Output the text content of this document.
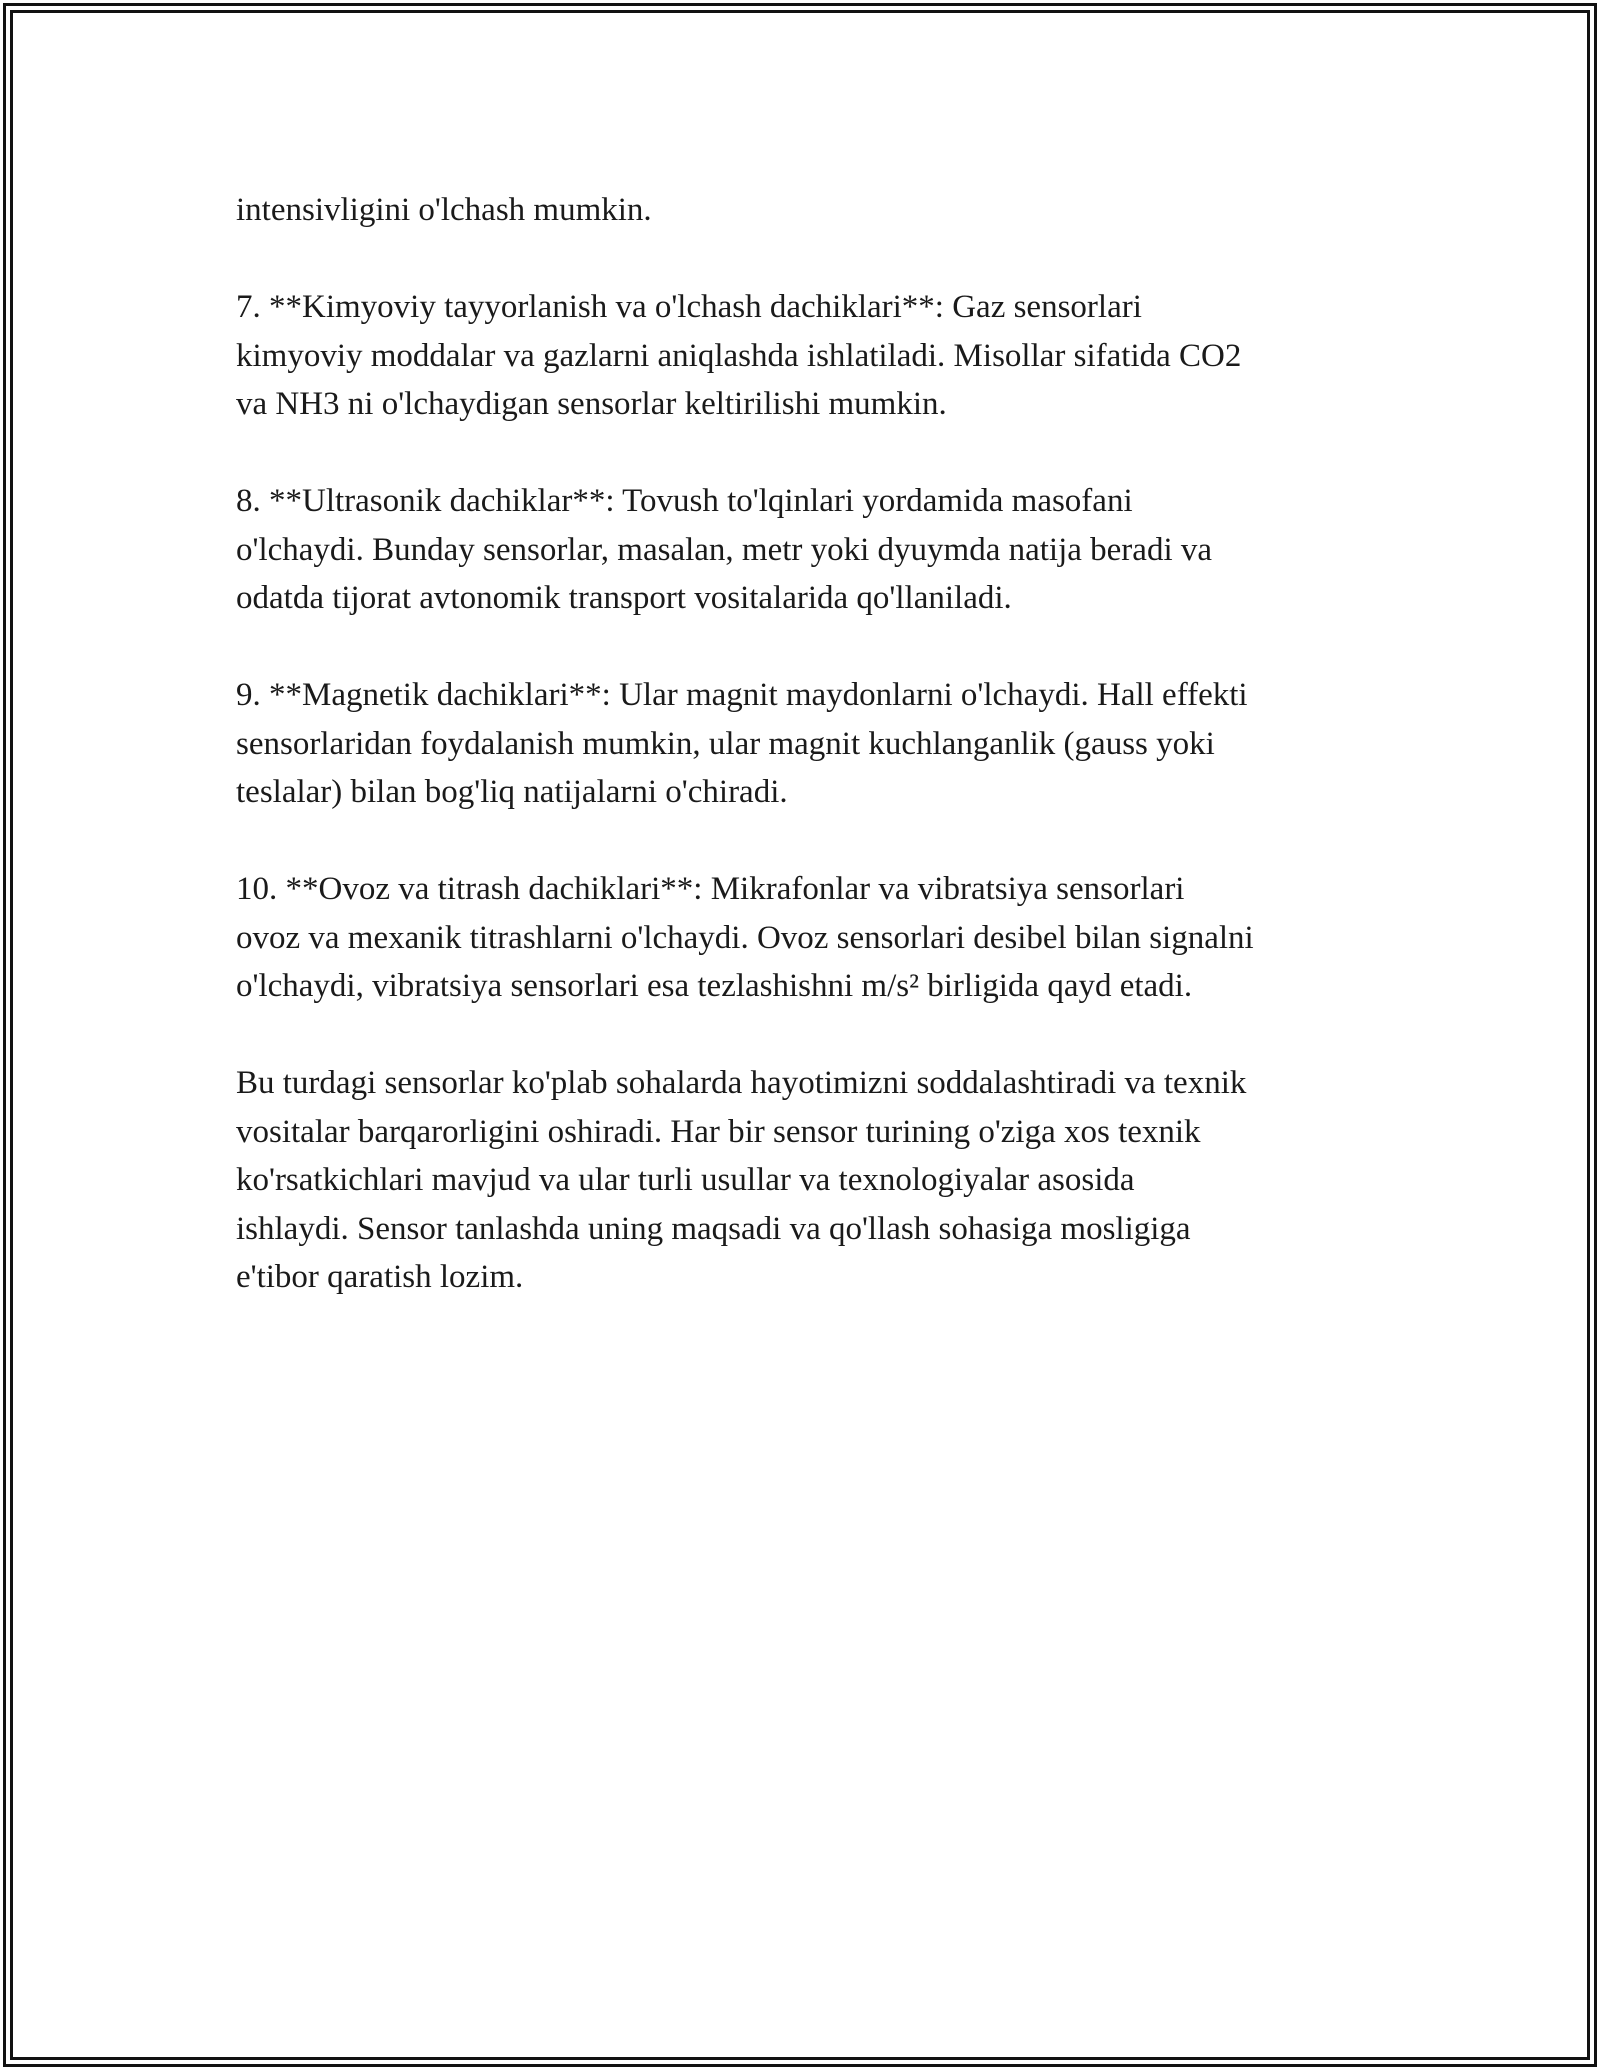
intensivligini o'lchash mumkin.

7. **Kimyoviy tayyorlanish va o'lchash dachiklari**: Gaz sensorlari
kimyoviy moddalar va gazlarni aniqlashda ishlatiladi. Misollar sifatida CO2
va NH3 ni o'lchaydigan sensorlar keltirilishi mumkin.

8. **Ultrasonik dachiklar**: Tovush to'lqinlari yordamida masofani
o'lchaydi. Bunday sensorlar, masalan, metr yoki dyuymda natija beradi va
odatda tijorat avtonomik transport vositalarida qo'llaniladi.

9. **Magnetik dachiklari**: Ular magnit maydonlarni o'lchaydi. Hall effekti
sensorlaridan foydalanish mumkin, ular magnit kuchlanganlik (gauss yoki
teslalar) bilan bog'liq natijalarni o'chiradi.

10. **Ovoz va titrash dachiklari**: Mikrafonlar va vibratsiya sensorlari
ovoz va mexanik titrashlarni o'lchaydi. Ovoz sensorlari desibel bilan signalni
o'lchaydi, vibratsiya sensorlari esa tezlashishni m/s² birligida qayd etadi.

Bu turdagi sensorlar ko'plab sohalarda hayotimizni soddalashtiradi va texnik
vositalar barqarorligini oshiradi. Har bir sensor turining o'ziga xos texnik
ko'rsatkichlari mavjud va ular turli usullar va texnologiyalar asosida
ishlaydi. Sensor tanlashda uning maqsadi va qo'llash sohasiga mosligiga
e'tibor qaratish lozim.
